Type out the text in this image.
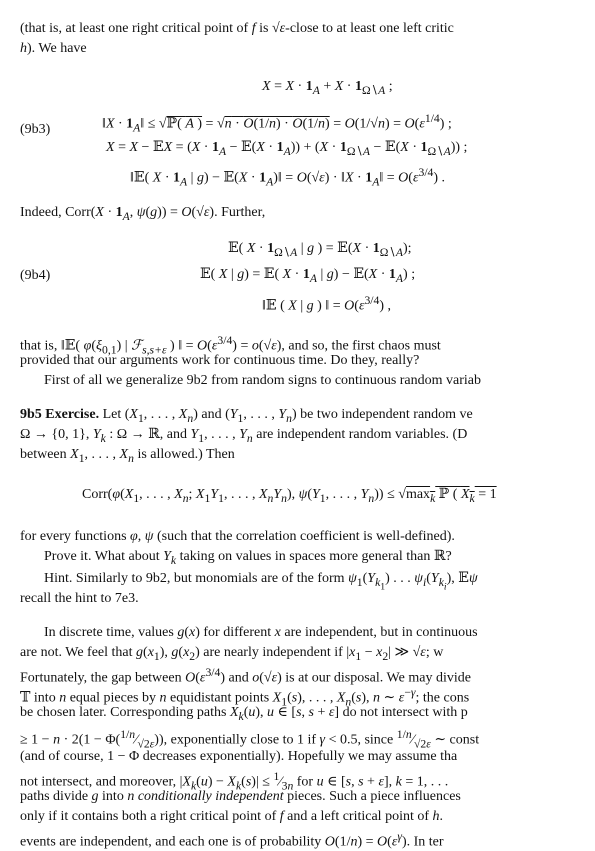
(that is, at least one right critical point of f is √ε-close to at least one left critic
h). We have
$X = X \cdot 1_A + X \cdot 1_{\Omega∖A}$ ;
(9b3)	‖X · $1_A‖$ ≤ √ℙ( A ) = $√n \cdot O(1/n) \cdot O(1/n) = O(1/√n) = O(\varepsilon^{1/4})$ ;
X = X − 𝔼X = ($X \cdot 1_A$ − 𝔼(X · $1_A)) + (X \cdot 1_{\Omega∖A}$ − 𝔼(X · $1_{\Omega∖A}$)) ;
‖𝔼( $X \cdot 1_A$ | g) − 𝔼(X · $1_A)‖ = O(√\varepsilon)$ · ‖X · $1_A‖ = O(\varepsilon^{3/4})$ .
Indeed, Corr(X · $1_A$, ψ(g)) = O(√ε). Further,
𝔼( $X \cdot 1_{\Omega∖A}$ | g ) = 𝔼(X · $1_{\Omega∖A}$);
(9b4)	𝔼( X | g) = 𝔼( $X \cdot 1_A$ | g) − 𝔼(X · $1_A$) ;
‖𝔼 ( X | g ) ‖ = $O(\varepsilon^{3/4})$ ,
that is, ‖𝔼( $\varphi(\xi_{0,1})$ | ℱ$_{s,s+\varepsilon}$ ) ‖ = $O(\varepsilon^{3/4}) = o(√\varepsilon)$, and so, the first chaos must
provided that our arguments work for continuous time. Do they, really?
First of all we generalize 9b2 from random signs to continuous random variab
9b5 Exercise. Let ($X_1$, . . . , $X_n$) and ($Y_1$, . . . , $Y_n$) be two independent random ve
Ω → {0, 1}, $Y_k$ : Ω → ℝ, and $Y_1$, . . . , $Y_n$ are independent random variables. (D
between $X_1$, . . . , $X_n$ is allowed.) Then
$Corr(\varphi(X_1$, . . . , $X_n$; $X_1Y_1$, . . . , $X_nY_n$), $\psi(Y_1$, . . . , $Y_n)) \le √\max_k$ ℙ ( $X_k = 1$
for every functions φ, ψ (such that the correlation coefficient is well-defined).
Prove it. What about $Y_k$ taking on values in spaces more general than ℝ?
Hint. Similarly to 9b2, but monomials are of the form $\psi_1(Y_{k_1})$ . . . $\psi_i(Y_{k_i})$, 𝔼ψ
recall the hint to 7e3.
In discrete time, values g(x) for different x are independent, but in continuous
are not. We feel that $g(x_1)$, $g(x_2)$ are nearly independent if $|x_1 - x_2|$ ≫ √ε; w
Fortunately, the gap between $O(\varepsilon^{3/4})$ and o(√ε) is at our disposal. We may divide
𝕋 into n equal pieces by n equidistant points $X_1(s)$, . . . , $X_n(s)$, n ∼ $\varepsilon^{-\gamma}$; the cons
be chosen later. Corresponding paths $X_k(u)$, u ∈ [s, s + ε] do not intersect with p
≥ $1 - n \cdot 2(1 - \Phi(^{1/n}⁄_{√2\varepsilon}))$, exponentially close to 1 if γ < 0.5, since $^{1/n}⁄_{√2\varepsilon}$ ∼ const
(and of course, 1 − Φ decreases exponentially). Hopefully we may assume tha
not intersect, and moreover, $|X_k(u) - X_k(s)|$ ≤ $^1⁄_{3n}$ for u ∈ [s, s + ε], k = 1, . . .
paths divide g into n conditionally independent pieces. Such a piece influences
only if it contains both a right critical point of f and a left critical point of h.
events are independent, and each one is of probability $O(1/n) = O(\varepsilon^\gamma)$. In ter
